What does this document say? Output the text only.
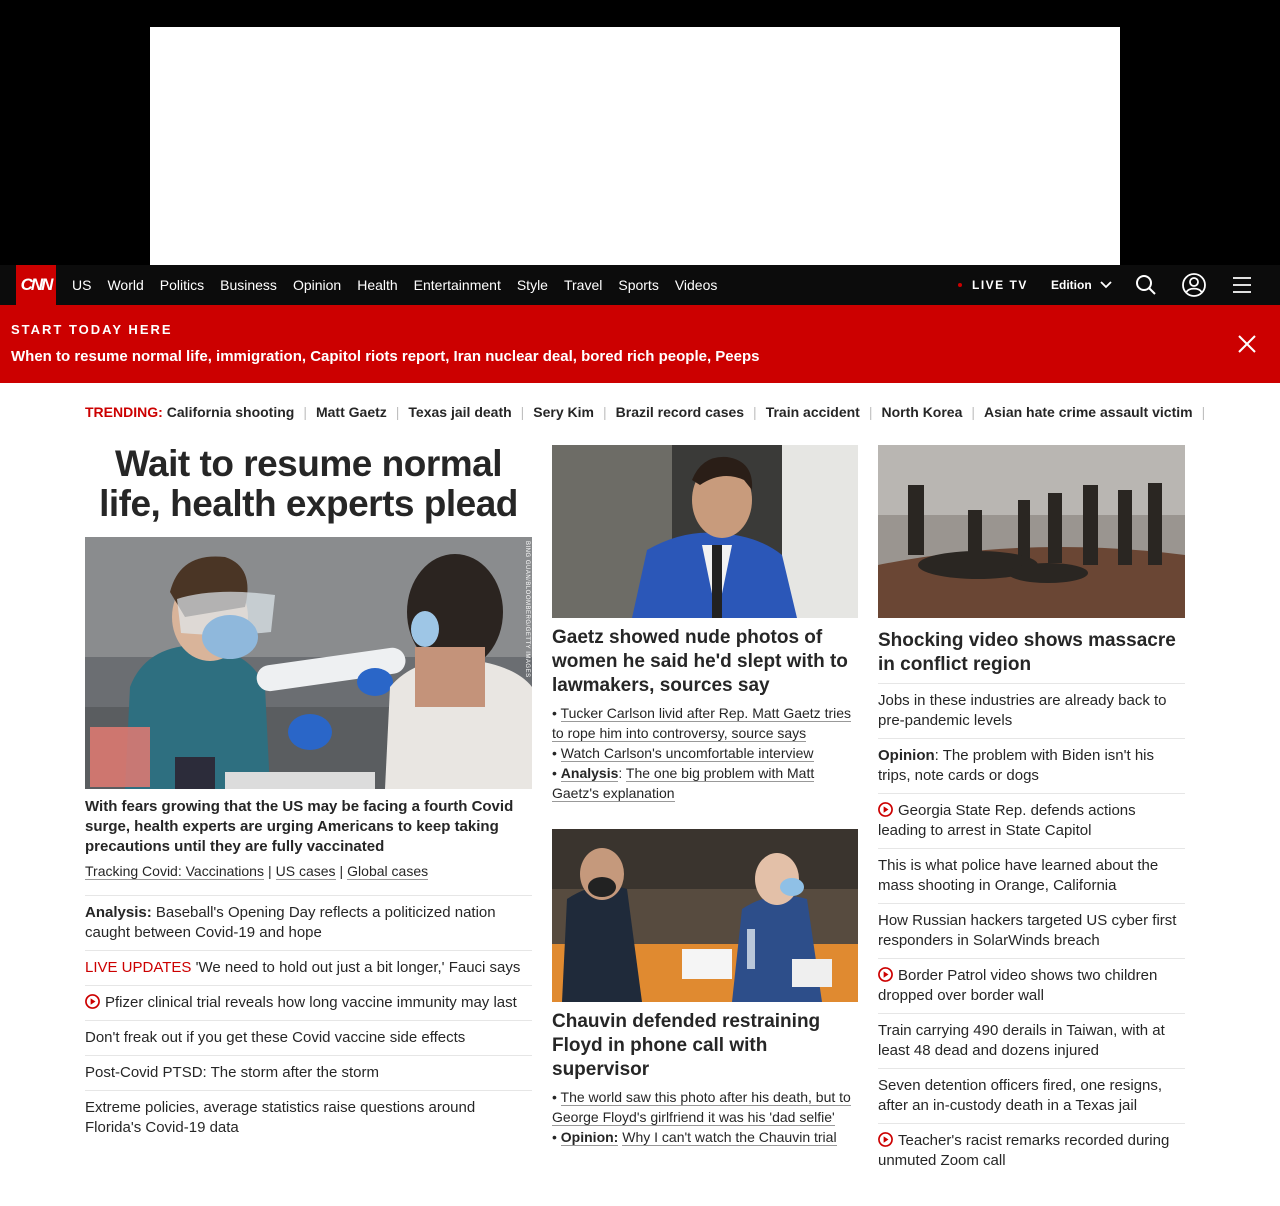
CNN	US World Politics Business Opinion Health Entertainment Style Travel Sports Videos	LIVE TV Edition
START TODAY HERE
When to resume normal life, immigration, Capitol riots report, Iran nuclear deal, bored rich people, Peeps
TRENDING: California shooting | Matt Gaetz | Texas jail death | Sery Kim | Brazil record cases | Train accident | North Korea | Asian hate crime assault victim |
Wait to resume normal life, health experts plead
BING GUAN/BLOOMBERG/GETTY IMAGES
With fears growing that the US may be facing a fourth Covid surge, health experts are urging Americans to keep taking precautions until they are fully vaccinated
Tracking Covid: Vaccinations | US cases | Global cases
Analysis: Baseball's Opening Day reflects a politicized nation caught between Covid-19 and hope
LIVE UPDATES 'We need to hold out just a bit longer,' Fauci says
Pfizer clinical trial reveals how long vaccine immunity may last
Don't freak out if you get these Covid vaccine side effects
Post-Covid PTSD: The storm after the storm
Extreme policies, average statistics raise questions around Florida's Covid-19 data
Gaetz showed nude photos of women he said he'd slept with to lawmakers, sources say
• Tucker Carlson livid after Rep. Matt Gaetz tries to rope him into controversy, source says
• Watch Carlson's uncomfortable interview
• Analysis: The one big problem with Matt Gaetz's explanation
Chauvin defended restraining Floyd in phone call with supervisor
• The world saw this photo after his death, but to George Floyd's girlfriend it was his 'dad selfie'
• Opinion: Why I can't watch the Chauvin trial
Shocking video shows massacre in conflict region
Jobs in these industries are already back to pre-pandemic levels
Opinion: The problem with Biden isn't his trips, note cards or dogs
Georgia State Rep. defends actions leading to arrest in State Capitol
This is what police have learned about the mass shooting in Orange, California
How Russian hackers targeted US cyber first responders in SolarWinds breach
Border Patrol video shows two children dropped over border wall
Train carrying 490 derails in Taiwan, with at least 48 dead and dozens injured
Seven detention officers fired, one resigns, after an in-custody death in a Texas jail
Teacher's racist remarks recorded during unmuted Zoom call
